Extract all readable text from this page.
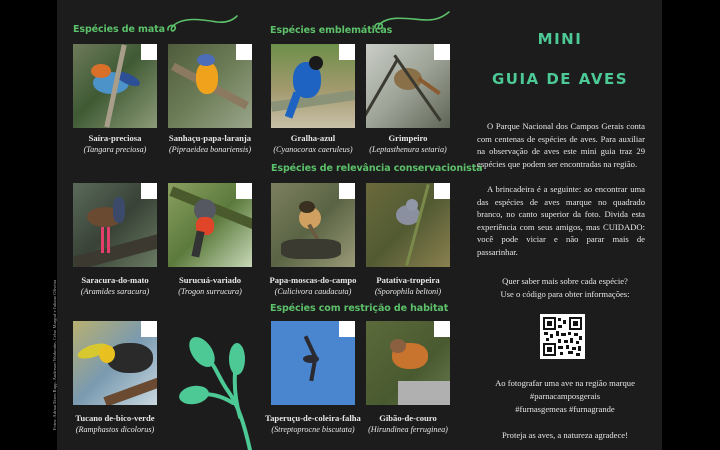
Fotos: Adrian Eisen Rupp, Anderson Warkentin, Celso Margraf e Juliano Oliveira
Espécies de mata	Espécies emblemáticas
Espécies de relevância conservacionista
Espécies com restrição de habitat
Saíra-preciosa
(Tangara preciosa)
Sanhaçu-papa-laranja
(Pipraeidea bonariensis)
Gralha-azul
(Cyanocorax caeruleus)
Grimpeiro
(Leptasthenura setaria)
Saracura-do-mato
(Aramides saracura)
Surucuá-variado
(Trogon surrucura)
Papa-moscas-do-campo
(Culicivora caudacuta)
Patativa-tropeira
(Sporophila beltoni)
Tucano de-bico-verde
(Ramphastos dicolorus)
Taperuçu-de-coleira-falha
(Streptoprocne biscutata)
Gibão-de-couro
(Hirundinea ferruginea)
MINI
GUIA DE AVES
O Parque Nacional dos Campos Gerais conta com centenas de espécies de aves. Para auxiliar na observação de aves este mini guia traz 29 espécies que podem ser encontradas na região.
A brincadeira é a seguinte: ao encontrar uma das espécies de aves marque no quadrado branco, no canto superior da foto. Divida esta experiência com seus amigos, mas CUIDADO: você pode viciar e não parar mais de passarinhar.
Quer saber mais sobre cada espécie?
Use o código para obter informações:
Ao fotografar uma ave na região marque
#parnacamposgerais
#furnasgemeas #furnagrande
Proteja as aves, a natureza agradece!
